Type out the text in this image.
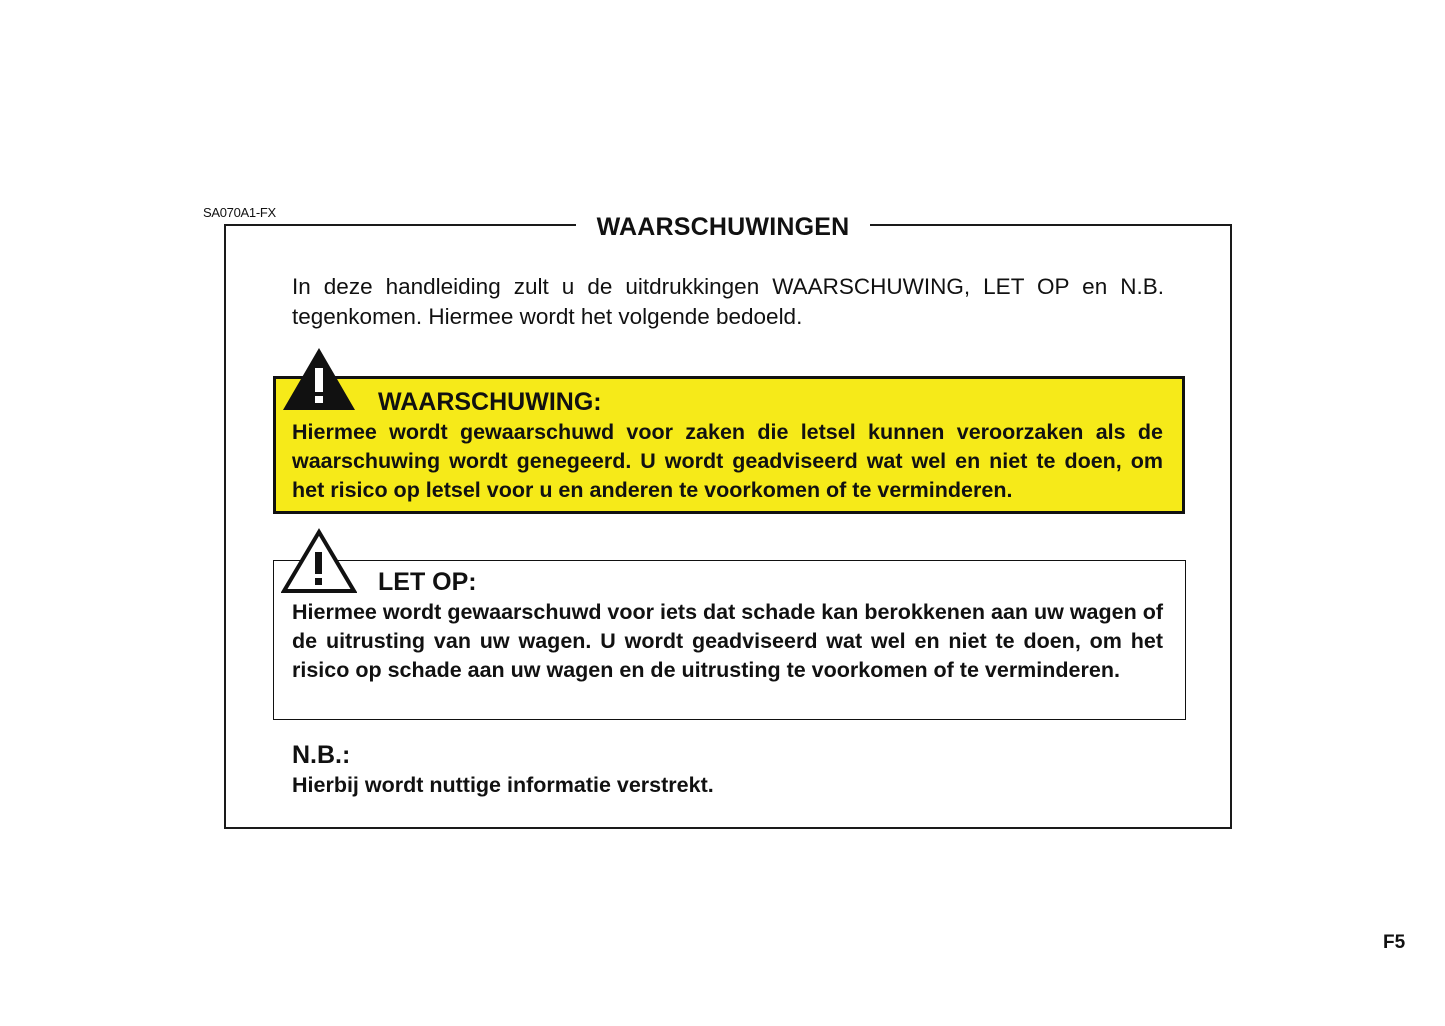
SA070A1-FX
WAARSCHUWINGEN
In deze handleiding zult u de uitdrukkingen WAARSCHUWING, LET OP en N.B. tegenkomen. Hiermee wordt het volgende bedoeld.
WAARSCHUWING:
Hiermee wordt gewaarschuwd voor zaken die letsel kunnen veroorzaken als de waarschuwing wordt genegeerd. U wordt geadviseerd wat wel en niet te doen, om het risico op letsel voor u en anderen te voorkomen of te verminderen.
LET OP:
Hiermee wordt gewaarschuwd voor iets dat schade kan berokkenen aan uw wagen of de uitrusting van uw wagen. U wordt geadviseerd wat wel en niet te doen, om het risico op schade aan uw wagen en de uitrusting te voorkomen of te verminderen.
N.B.:
Hierbij wordt nuttige informatie verstrekt.
F5
